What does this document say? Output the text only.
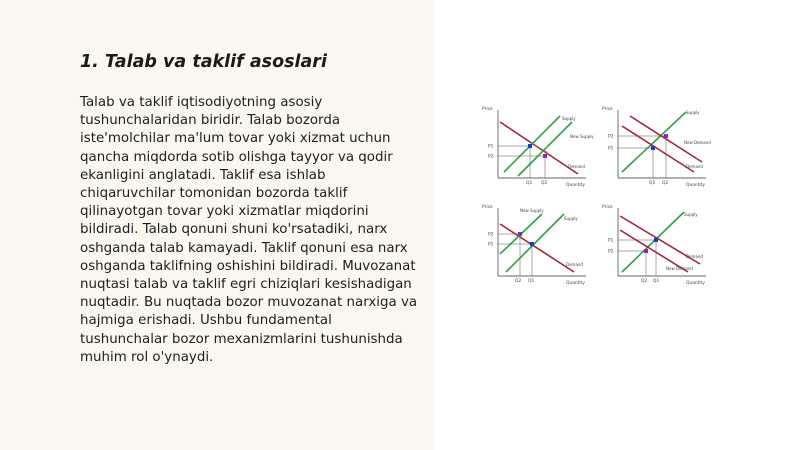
1. Talab va taklif asoslari

Talab va taklif iqtisodiyotning asosiy tushunchalaridan biridir. Talab bozorda iste'molchilar ma'lum tovar yoki xizmat uchun qancha miqdorda sotib olishga tayyor va qodir ekanligini anglatadi. Taklif esa ishlab chiqaruvchilar tomonidan bozorda taklif qilinayotgan tovar yoki xizmatlar miqdorini bildiradi. Talab qonuni shuni ko'rsatadiki, narx oshganda talab kamayadi. Taklif qonuni esa narx oshganda taklifning oshishini bildiradi. Muvozanat nuqtasi talab va taklif egri chiziqlari kesishadigan nuqtadir. Bu nuqtada bozor muvozanat narxiga va hajmiga erishadi. Ushbu fundamental tushunchalar bozor mexanizmlarini tushunishda muhim rol o'ynaydi.

Price
Quantity
P1
P2
Q1 Q2
Supply
New Supply
Demand
Price
Quantity
P2
P1
Q1 Q2
Supply
New Demand
Demand
Price
Quantity
P2
P1
Q2 Q1
Supply
New Supply
Demand
Price
Quantity
P1
P2
Q2 Q1
Supply
New Demand
Demand
